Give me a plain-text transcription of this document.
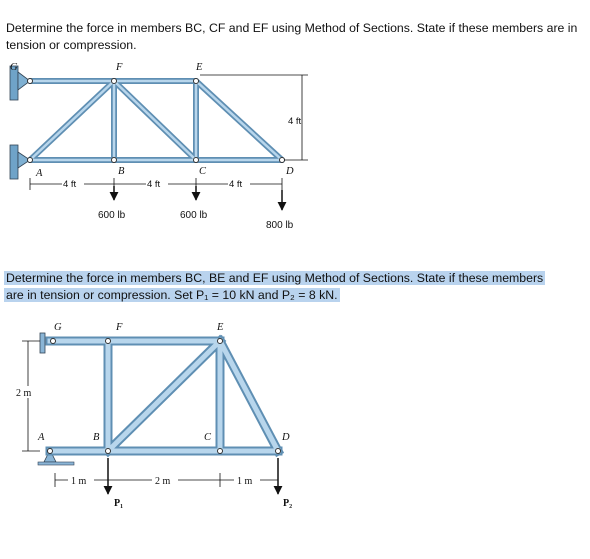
Determine the force in members BC, CF and EF using Method of Sections. State if these members are in tension or compression.
Determine the force in members BC, BE and EF using Method of Sections. State if these members
are in tension or compression. Set P₁ = 10 kN and P₂ = 8 kN.
G	F	E
A	B	C	D
4 ft
4 ft	4 ft	4 ft
600 lb	600 lb
800 lb
G	F	E
A	B	C	D
2 m
1 m	2 m	1 m
P₁	P₂
